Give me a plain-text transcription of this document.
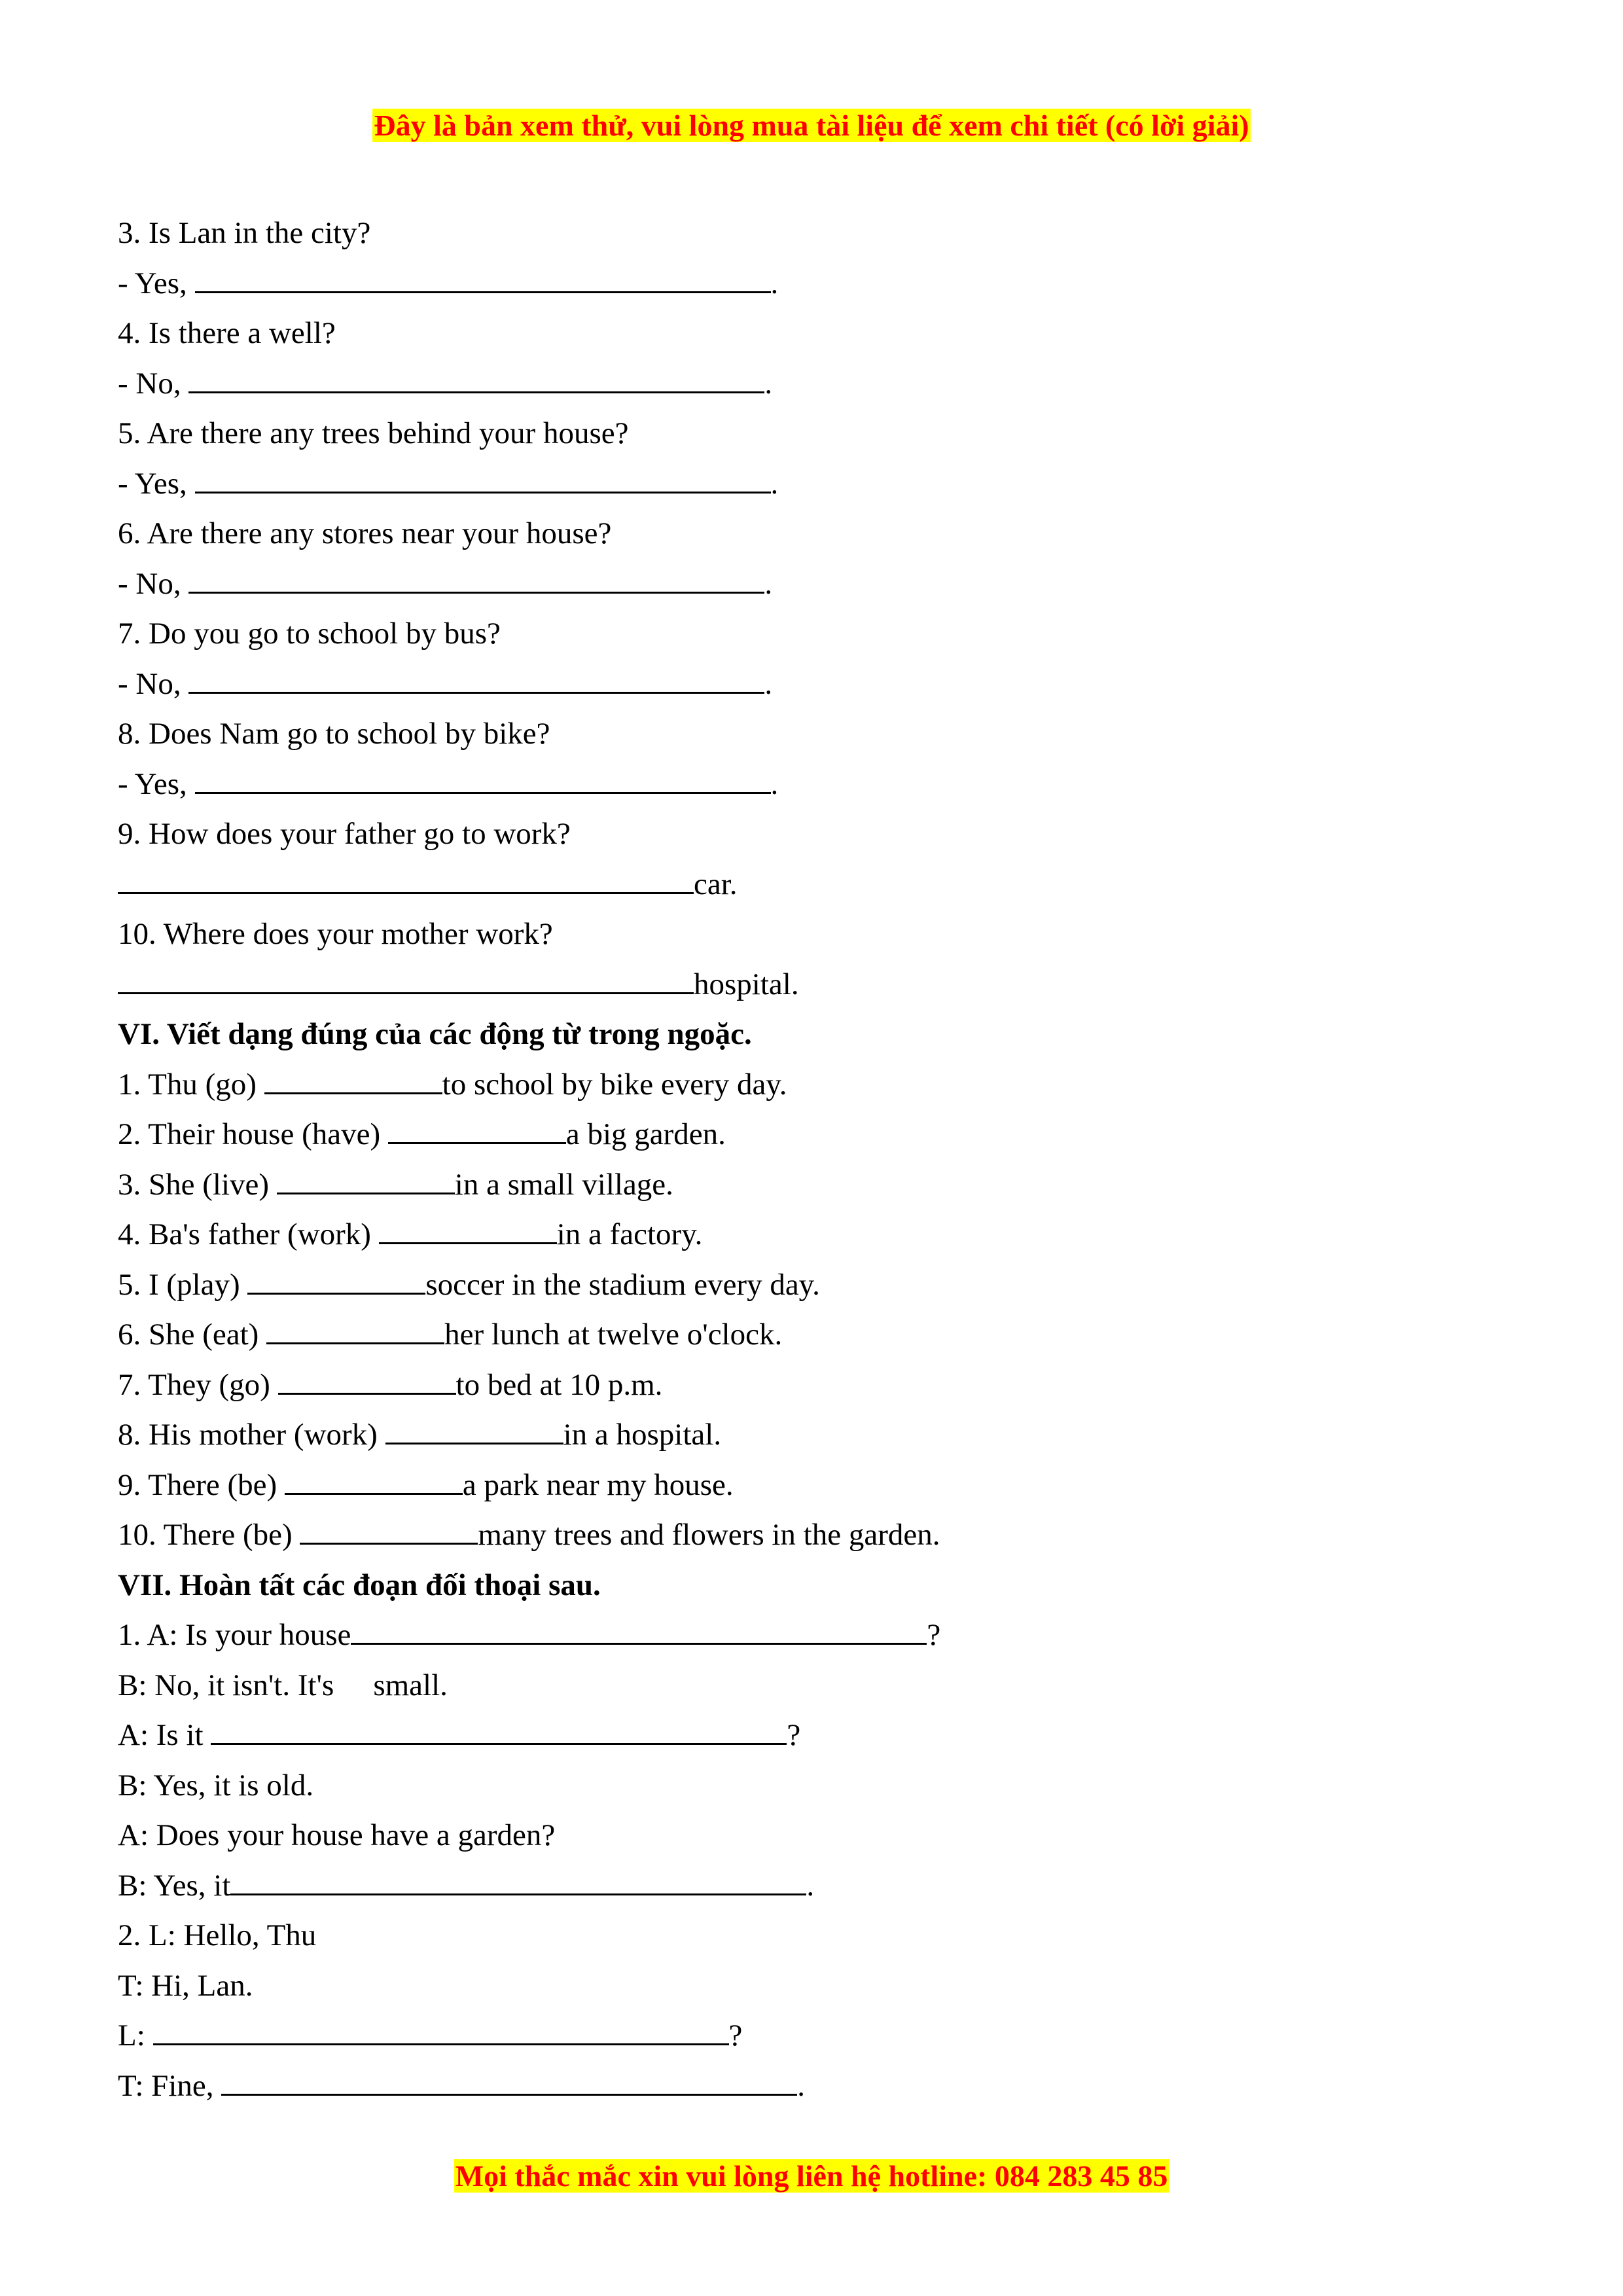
Đây là bản xem thử, vui lòng mua tài liệu để xem chi tiết (có lời giải)
3. Is Lan in the city?
- Yes,	.
4. Is there a well?
- No,	.
5. Are there any trees behind your house?
- Yes,	.
6. Are there any stores near your house?
- No,	.
7. Do you go to school by bus?
- No,	.
8. Does Nam go to school by bike?
- Yes,	.
9. How does your father go to work?
car.
10. Where does your mother work?
hospital.
VI. Viết dạng đúng của các động từ trong ngoặc.
1. Thu (go)	to school by bike every day.
2. Their house (have)	a big garden.
3. She (live)	in a small village.
4. Ba's father (work)	in a factory.
5. I (play)	soccer in the stadium every day.
6. She (eat)	her lunch at twelve o'clock.
7. They (go)	to bed at 10 p.m.
8. His mother (work)	in a hospital.
9. There (be)	a park near my house.
10. There (be)	many trees and flowers in the garden.
VII. Hoàn tất các đoạn đối thoại sau.
1. A: Is your house	?
B: No, it isn't. It's small.
A: Is it	?
B: Yes, it is old.
A: Does your house have a garden?
B: Yes, it	.
2. L: Hello, Thu
T: Hi, Lan.
L:	?
T: Fine,	.
Mọi thắc mắc xin vui lòng liên hệ hotline: 084 283 45 85
